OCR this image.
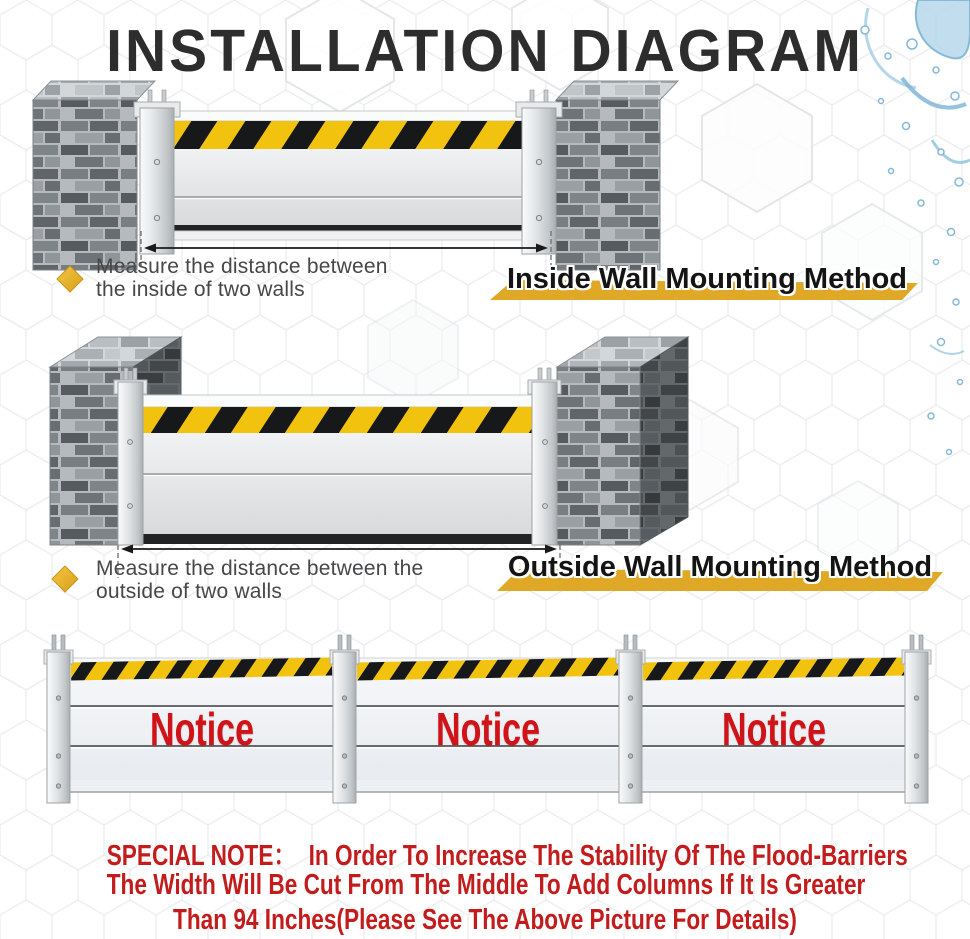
INSTALLATION DIAGRAM
Measure the distance between
the inside of two walls	Inside Wall Mounting Method
Measure the distance between the
outside of two walls
Outside Wall Mounting Method
Notice	Notice	Notice
SPECIAL NOTE：  In Order To Increase The Stability Of The Flood-Barriers
The Width Will Be Cut From The Middle To Add Columns If It Is Greater
Than 94 Inches(Please See The Above Picture For Details)
